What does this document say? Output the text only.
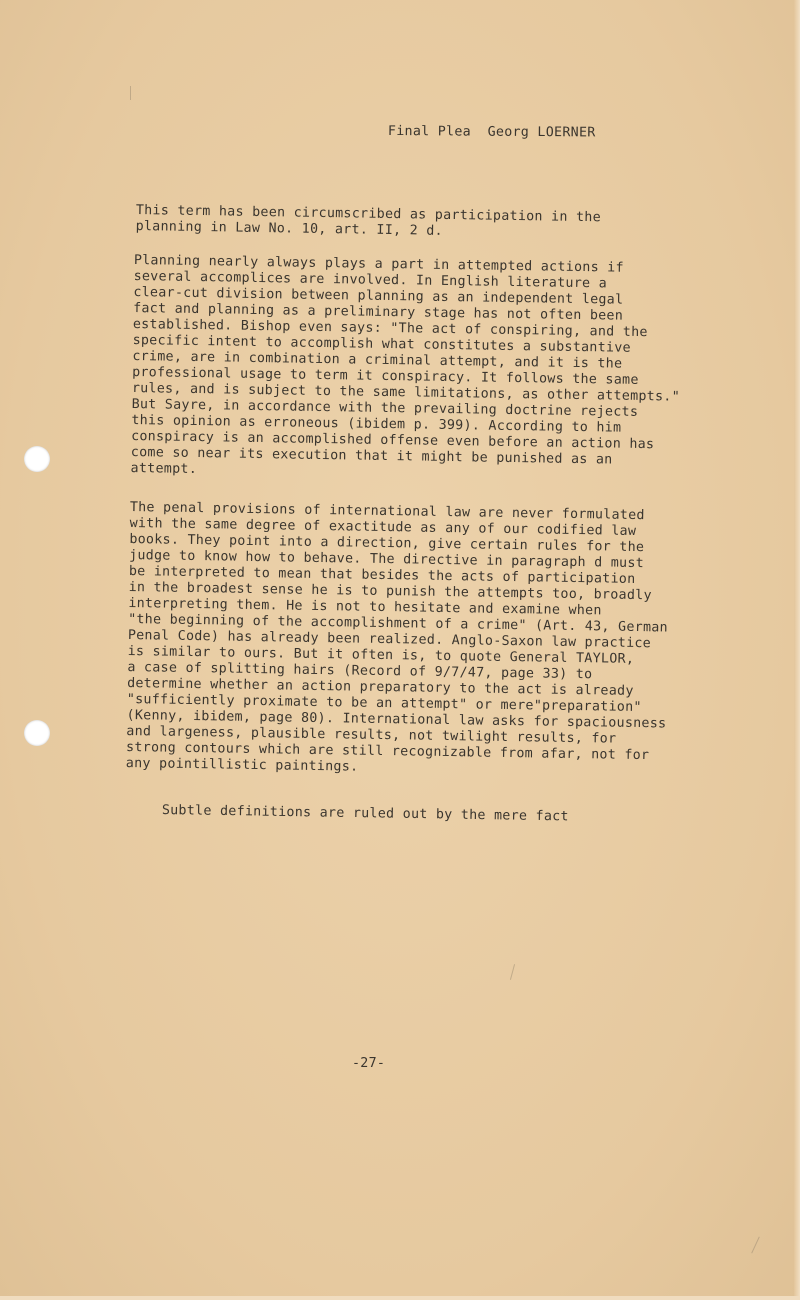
Final Plea  Georg LOERNER
This term has been circumscribed as participation in the
planning in Law No. 10, art. II, 2 d.
Planning nearly always plays a part in attempted actions if
several accomplices are involved. In English literature a
clear-cut division between planning as an independent legal
fact and planning as a preliminary stage has not often been
established. Bishop even says: "The act of conspiring, and the
specific intent to accomplish what constitutes a substantive
crime, are in combination a criminal attempt, and it is the
professional usage to term it conspiracy. It follows the same
rules, and is subject to the same limitations, as other attempts."
But Sayre, in accordance with the prevailing doctrine rejects
this opinion as erroneous (ibidem p. 399). According to him
conspiracy is an accomplished offense even before an action has
come so near its execution that it might be punished as an
attempt.
The penal provisions of international law are never formulated
with the same degree of exactitude as any of our codified law
books. They point into a direction, give certain rules for the
judge to know how to behave. The directive in paragraph d must
be interpreted to mean that besides the acts of participation
in the broadest sense he is to punish the attempts too, broadly
interpreting them. He is not to hesitate and examine when
"the beginning of the accomplishment of a crime" (Art. 43, German
Penal Code) has already been realized. Anglo-Saxon law practice
is similar to ours. But it often is, to quote General TAYLOR,
a case of splitting hairs (Record of 9/7/47, page 33) to
determine whether an action preparatory to the act is already
"sufficiently proximate to be an attempt" or mere"preparation"
(Kenny, ibidem, page 80). International law asks for spaciousness
and largeness, plausible results, not twilight results, for
strong contours which are still recognizable from afar, not for
any pointillistic paintings.
Subtle definitions are ruled out by the mere fact
-27-
